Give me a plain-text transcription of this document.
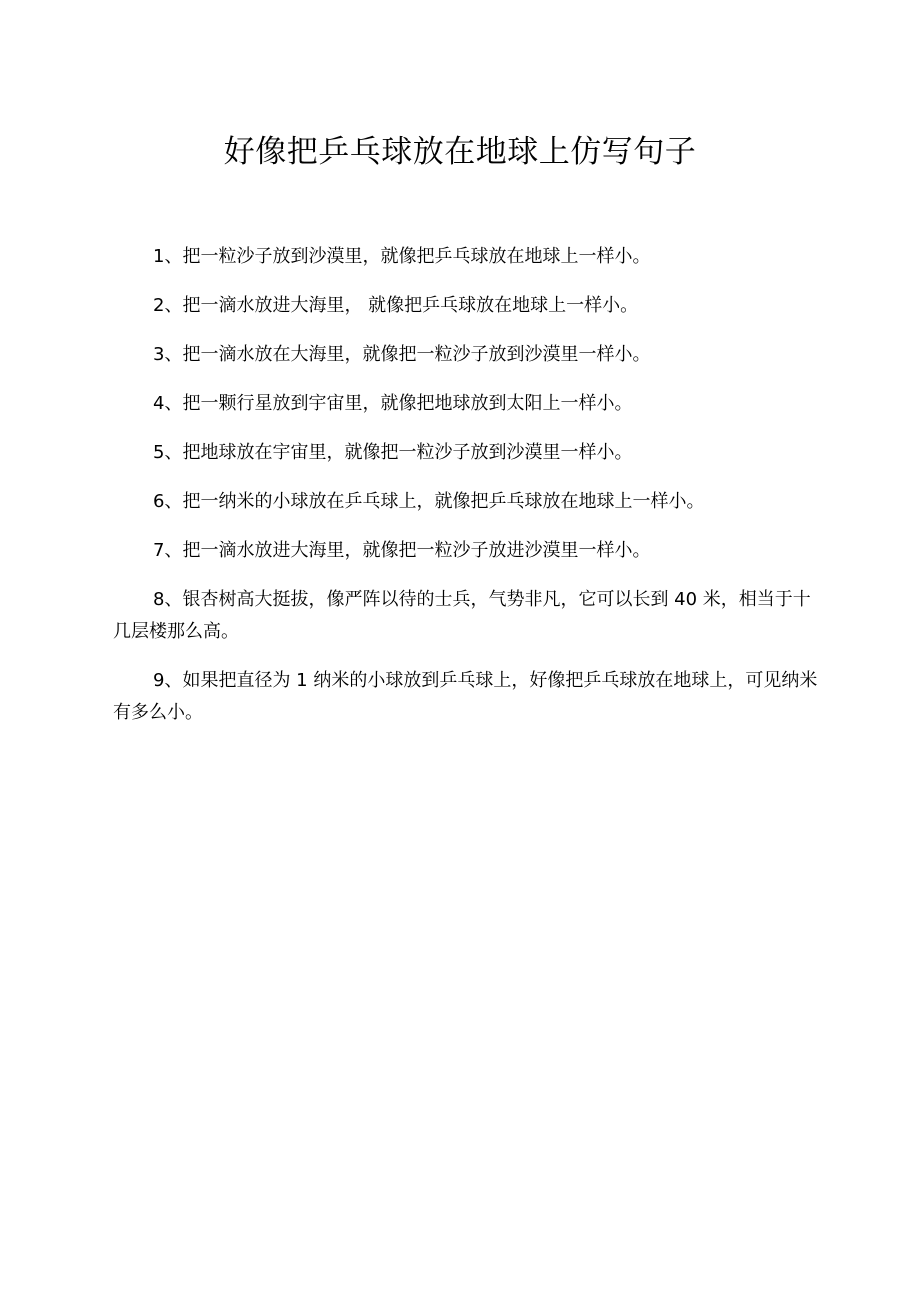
好像把乒乓球放在地球上仿写句子

1、把一粒沙子放到沙漠里，就像把乒乓球放在地球上一样小。

2、把一滴水放进大海里， 就像把乒乓球放在地球上一样小。

3、把一滴水放在大海里，就像把一粒沙子放到沙漠里一样小。

4、把一颗行星放到宇宙里，就像把地球放到太阳上一样小。

5、把地球放在宇宙里，就像把一粒沙子放到沙漠里一样小。

6、把一纳米的小球放在乒乓球上，就像把乒乓球放在地球上一样小。

7、把一滴水放进大海里，就像把一粒沙子放进沙漠里一样小。

8、银杏树高大挺拔，像严阵以待的士兵，气势非凡，它可以长到 40 米，相当于十几层楼那么高。

9、如果把直径为 1 纳米的小球放到乒乓球上，好像把乒乓球放在地球上，可见纳米有多么小。
